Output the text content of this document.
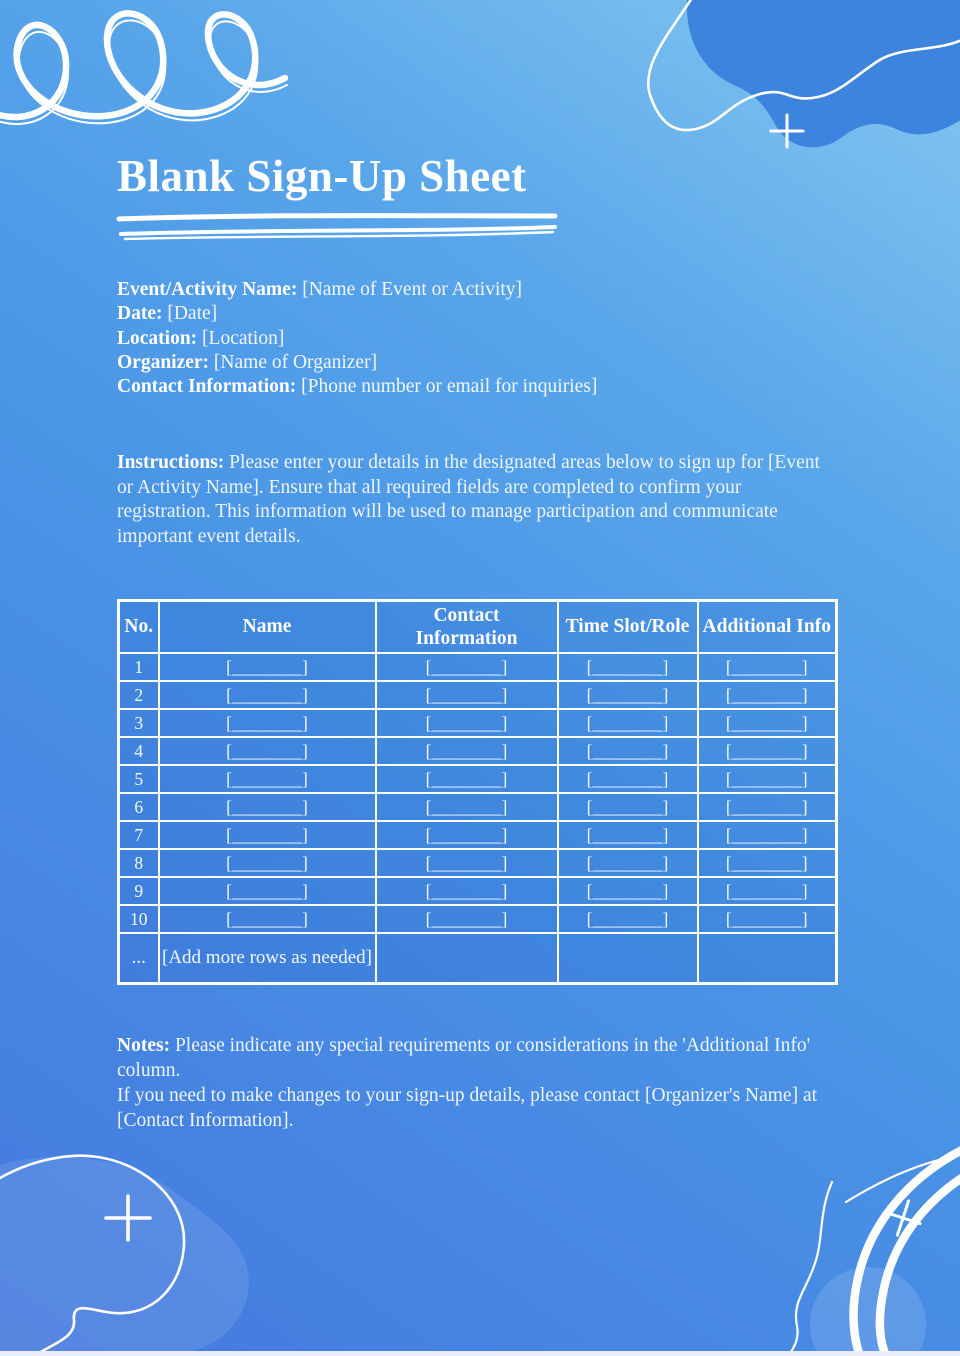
Blank Sign-Up Sheet

Event/Activity Name: [Name of Event or Activity]

Date: [Date]

Location: [Location]

Organizer: [Name of Organizer]

Contact Information: [Phone number or email for inquiries]

Instructions: Please enter your details in the designated areas below to sign up for [Event or Activity Name]. Ensure that all required fields are completed to confirm your registration. This information will be used to manage participation and communicate important event details.

No.	Name	Contact Information	Time Slot/Role	Additional Info
1	[________]	[________]	[________]	[________]
2	[________]	[________]	[________]	[________]
3	[________]	[________]	[________]	[________]
4	[________]	[________]	[________]	[________]
5	[________]	[________]	[________]	[________]
6	[________]	[________]	[________]	[________]
7	[________]	[________]	[________]	[________]
8	[________]	[________]	[________]	[________]
9	[________]	[________]	[________]	[________]
10	[________]	[________]	[________]	[________]
...	[Add more rows as needed]			

Notes: Please indicate any special requirements or considerations in the 'Additional Info' column.

If you need to make changes to your sign-up details, please contact [Organizer's Name] at [Contact Information].
